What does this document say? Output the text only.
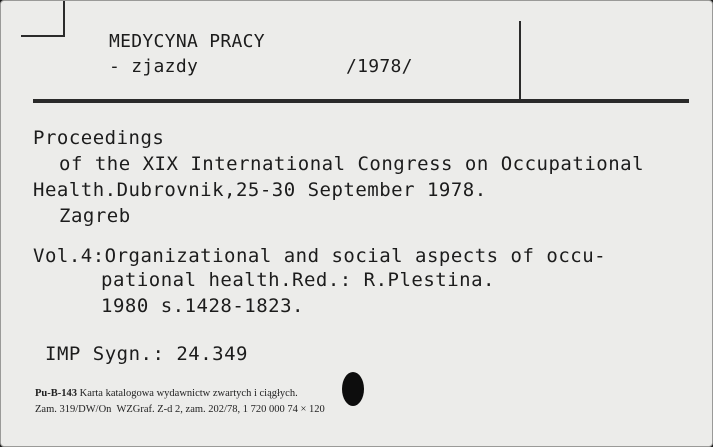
MEDYCYNA PRACY
- zjazdy	/1978/
Proceedings
of the XIX International Congress on Occupational
Health.Dubrovnik,25-30 September 1978.
Zagreb
Vol.4:Organizational and social aspects of occu-
pational health.Red.: R.Plestina.
1980 s.1428-1823.
IMP Sygn.: 24.349
Pu-B-143 Karta katalogowa wydawnictw zwartych i ciągłych.
Zam. 319/DW/On  WZGraf. Z-d 2, zam. 202/78, 1 720 000 74 × 120
